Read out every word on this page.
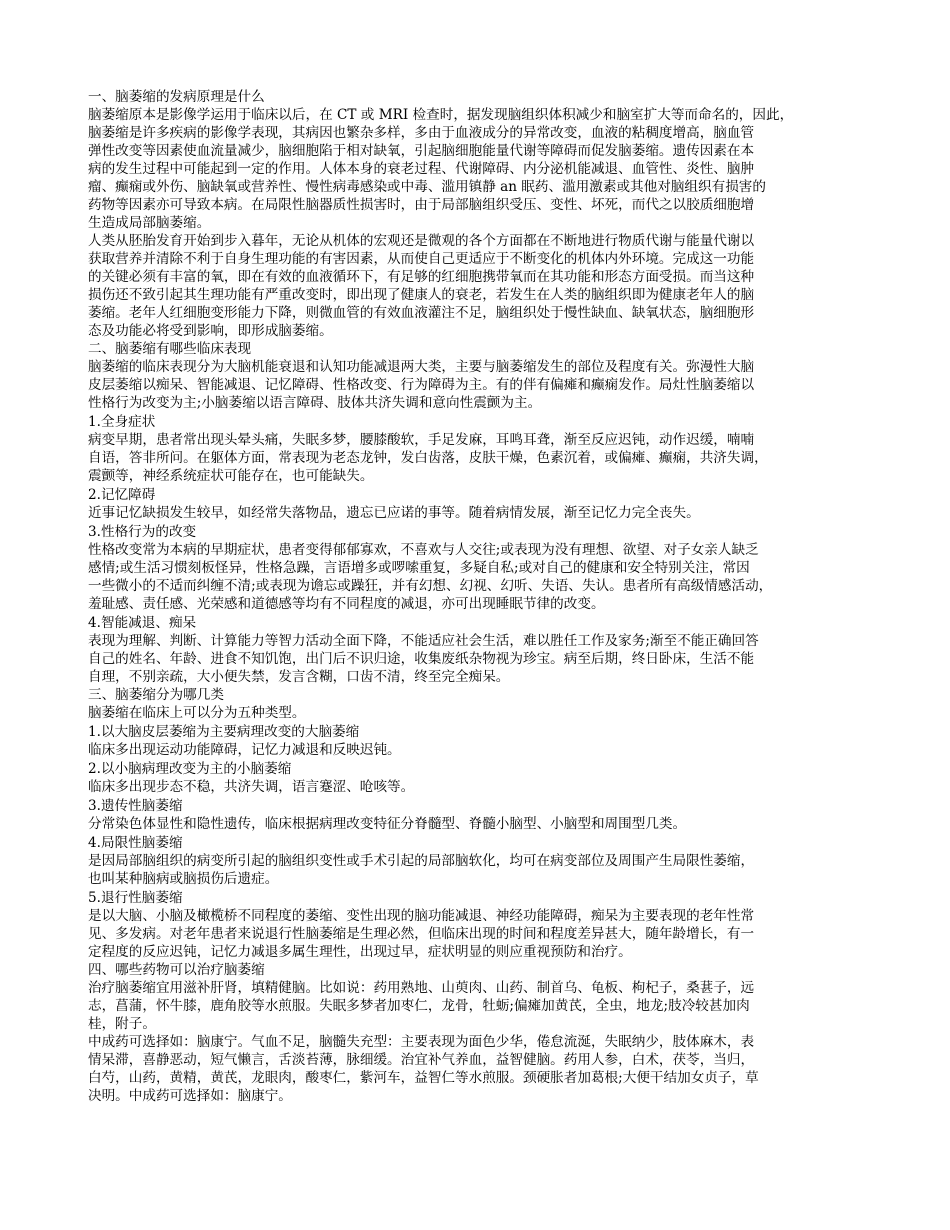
一、脑萎缩的发病原理是什么
脑萎缩原本是影像学运用于临床以后，在 CT 或 MRI 检查时，据发现脑组织体积减少和脑室扩大等而命名的，因此，
脑萎缩是许多疾病的影像学表现，其病因也繁杂多样，多由于血液成分的异常改变，血液的粘稠度增高，脑血管
弹性改变等因素使血流量减少，脑细胞陷于相对缺氧，引起脑细胞能量代谢等障碍而促发脑萎缩。遗传因素在本
病的发生过程中可能起到一定的作用。人体本身的衰老过程、代谢障碍、内分泌机能减退、血管性、炎性、脑肿
瘤、癫痫或外伤、脑缺氧或营养性、慢性病毒感染或中毒、滥用镇静 an 眠药、滥用激素或其他对脑组织有损害的
药物等因素亦可导致本病。在局限性脑器质性损害时，由于局部脑组织受压、变性、坏死，而代之以胶质细胞增
生造成局部脑萎缩。
人类从胚胎发育开始到步入暮年，无论从机体的宏观还是微观的各个方面都在不断地进行物质代谢与能量代谢以
获取营养并清除不利于自身生理功能的有害因素，从而使自己更适应于不断变化的机体内外环境。完成这一功能
的关键必须有丰富的氧，即在有效的血液循环下，有足够的红细胞携带氧而在其功能和形态方面受损。而当这种
损伤还不致引起其生理功能有严重改变时，即出现了健康人的衰老，若发生在人类的脑组织即为健康老年人的脑
萎缩。老年人红细胞变形能力下降，则微血管的有效血液灌注不足，脑组织处于慢性缺血、缺氧状态，脑细胞形
态及功能必将受到影响，即形成脑萎缩。
二、脑萎缩有哪些临床表现
脑萎缩的临床表现分为大脑机能衰退和认知功能减退两大类，主要与脑萎缩发生的部位及程度有关。弥漫性大脑
皮层萎缩以痴呆、智能减退、记忆障碍、性格改变、行为障碍为主。有的伴有偏瘫和癫痫发作。局灶性脑萎缩以
性格行为改变为主;小脑萎缩以语言障碍、肢体共济失调和意向性震颤为主。
1.全身症状
病变早期，患者常出现头晕头痛，失眠多梦，腰膝酸软，手足发麻，耳鸣耳聋，渐至反应迟钝，动作迟缓，喃喃
自语，答非所问。在躯体方面，常表现为老态龙钟，发白齿落，皮肤干燥，色素沉着，或偏瘫、癫痫，共济失调，
震颤等，神经系统症状可能存在，也可能缺失。
2.记忆障碍
近事记忆缺损发生较早，如经常失落物品，遗忘已应诺的事等。随着病情发展，渐至记忆力完全丧失。
3.性格行为的改变
性格改变常为本病的早期症状，患者变得郁郁寡欢，不喜欢与人交往;或表现为没有理想、欲望、对子女亲人缺乏
感情;或生活习惯刻板怪异，性格急躁，言语增多或啰嗦重复，多疑自私;或对自己的健康和安全特别关注，常因
一些微小的不适而纠缠不清;或表现为谵忘或躁狂，并有幻想、幻视、幻听、失语、失认。患者所有高级情感活动，
羞耻感、责任感、光荣感和道德感等均有不同程度的减退，亦可出现睡眠节律的改变。
4.智能减退、痴呆
表现为理解、判断、计算能力等智力活动全面下降，不能适应社会生活，难以胜任工作及家务;渐至不能正确回答
自己的姓名、年龄、进食不知饥饱，出门后不识归途，收集废纸杂物视为珍宝。病至后期，终日卧床，生活不能
自理，不别亲疏，大小便失禁，发言含糊，口齿不清，终至完全痴呆。
三、脑萎缩分为哪几类
脑萎缩在临床上可以分为五种类型。
1.以大脑皮层萎缩为主要病理改变的大脑萎缩
临床多出现运动功能障碍，记忆力减退和反映迟钝。
2.以小脑病理改变为主的小脑萎缩
临床多出现步态不稳，共济失调，语言蹇涩、呛咳等。
3.遗传性脑萎缩
分常染色体显性和隐性遗传，临床根据病理改变特征分脊髓型、脊髓小脑型、小脑型和周围型几类。
4.局限性脑萎缩
是因局部脑组织的病变所引起的脑组织变性或手术引起的局部脑软化，均可在病变部位及周围产生局限性萎缩，
也叫某种脑病或脑损伤后遗症。
5.退行性脑萎缩
是以大脑、小脑及橄榄桥不同程度的萎缩、变性出现的脑功能减退、神经功能障碍，痴呆为主要表现的老年性常
见、多发病。对老年患者来说退行性脑萎缩是生理必然，但临床出现的时间和程度差异甚大，随年龄增长，有一
定程度的反应迟钝，记忆力减退多属生理性，出现过早，症状明显的则应重视预防和治疗。
四、哪些药物可以治疗脑萎缩
治疗脑萎缩宜用滋补肝肾，填精健脑。比如说：药用熟地、山萸肉、山药、制首乌、龟板、枸杞子，桑葚子，远
志，菖蒲，怀牛膝，鹿角胶等水煎服。失眠多梦者加枣仁，龙骨，牡蛎;偏瘫加黄芪，全虫，地龙;肢冷较甚加肉
桂，附子。
中成药可选择如：脑康宁。气血不足，脑髓失充型：主要表现为面色少华，倦怠流涎，失眠纳少，肢体麻木，表
情呆滞，喜静恶动，短气懒言，舌淡苔薄，脉细缓。治宜补气养血，益智健脑。药用人参，白术，茯苓，当归，
白芍，山药，黄精，黄芪，龙眼肉，酸枣仁，紫河车，益智仁等水煎服。颈硬胀者加葛根;大便干结加女贞子，草
决明。中成药可选择如：脑康宁。
